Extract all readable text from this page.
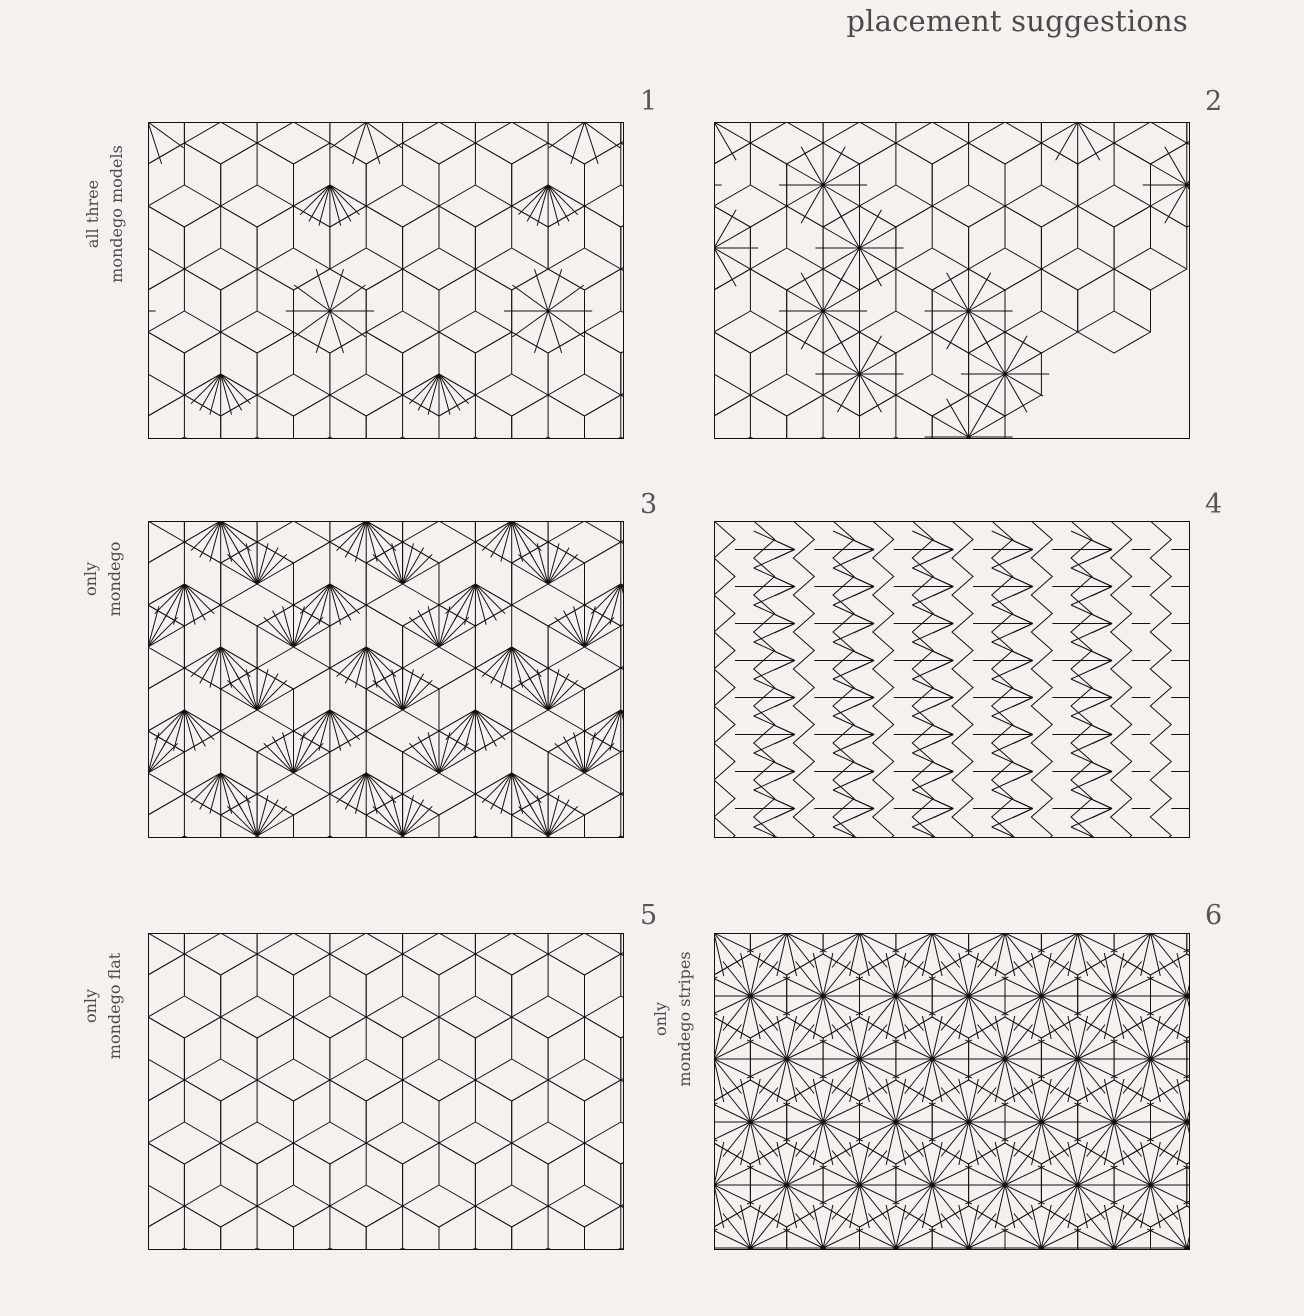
placement suggestions
all three mondego models
1	2
only mondego
3	4
only mondego flat
5
only mondego stripes
6
